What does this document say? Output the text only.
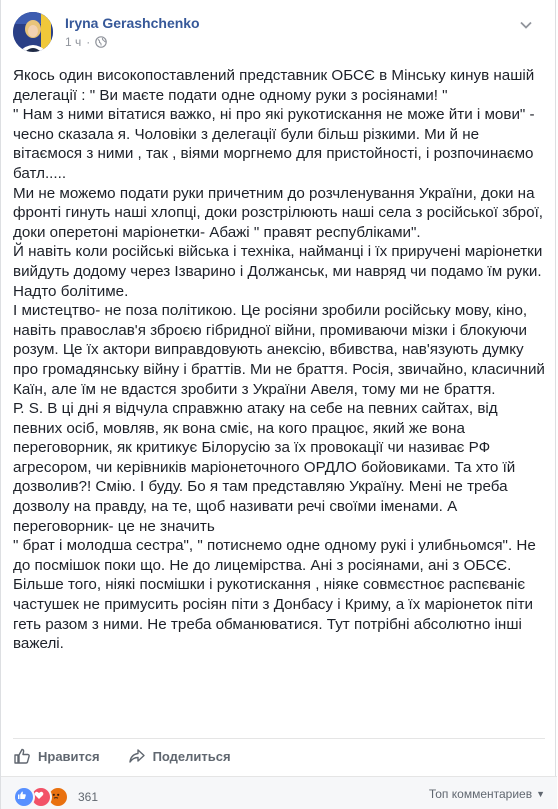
Iryna Gerashchenko
1 ч ·
Якось один високопоставлений представник ОБСЄ в Мінську кинув нашій делегації : " Ви маєте подати одне одному руки з росіянами! "
" Нам з ними вітатися важко, ні про які рукотискання не може йти і мови" - чесно сказала я. Чоловіки з делегації були більш різкими. Ми й не вітаємося з ними , так , віями моргнемо для пристойності, і розпочинаємо батл.....
Ми не можемо подати руки причетним до розчленування України, доки на фронті гинуть наші хлопці, доки розстрілюють наші села з російської зброї, доки оперетоні маріонетки- Абажі " правят республіками".
Й навіть коли російські війська і техніка, найманці і їх приручені маріонетки вийдуть додому через Ізварино і Должанськ, ми навряд чи подамо їм руки. Надто болітиме.
І мистецтво- не поза політикою. Це росіяни зробили російську мову, кіно, навіть православ'я зброєю гібридної війни, промиваючи мізки і блокуючи розум. Це їх актори виправдовують анексію, вбивства, нав'язують думку про громадянську війну і браттів. Ми не браття. Росія, звичайно, класичний Каїн, але їм не вдастся зробити з України Авеля, тому ми не браття.
Р. S. В ці дні я відчула справжню атаку на себе на певних сайтах, від певних осіб, мовляв, як вона сміє, на кого працює, який же вона переговорник, як критикує Білорусію за їх провокації чи називає РФ агресором, чи керівників маріонеточного ОРДЛО бойовиками. Та хто їй дозволив?! Смію. І буду. Бо я там представляю Україну. Мені не треба дозволу на правду, на те, щоб називати речі своїми іменами. А переговорник- це не значить
" брат і молодша сестра", " потиснемо одне одному рукі і улибньомся". Не до посмішок поки що. Не до лицемірства. Ані з росіянами, ані з ОБСЄ. Більше того, ніякі посмішки і рукотискання , ніяке совмєстноє распєваніє частушек не примусить росіян піти з Донбасу і Криму, а їх маріонеток піти геть разом з ними. Не треба обманюватися. Тут потрібні абсолютно інші важелі.
Нравится	Поделиться
361	Топ комментариев ▼
